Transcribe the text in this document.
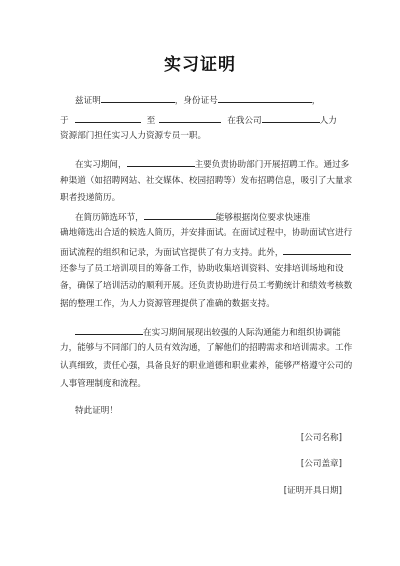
实习证明
兹证明	，身份证号	，
于	至	在我公司	人力
资源部门担任实习人力资源专员一职。
在实习期间，	主要负责协助部门开展招聘工作。通过多
种渠道（如招聘网站、社交媒体、校园招聘等）发布招聘信息，吸引了大量求
职者投递简历。
在简历筛选环节，	能够根据岗位要求快速准
确地筛选出合适的候选人简历，并安排面试。在面试过程中，协助面试官进行
面试流程的组织和记录，为面试官提供了有力支持。此外，
还参与了员工培训项目的筹备工作，协助收集培训资料、安排培训场地和设
备，确保了培训活动的顺利开展。还负责协助进行员工考勤统计和绩效考核数
据的整理工作，为人力资源管理提供了准确的数据支持。
在实习期间展现出较强的人际沟通能力和组织协调能
力，能够与不同部门的人员有效沟通，了解他们的招聘需求和培训需求。工作
认真细致，责任心强，具备良好的职业道德和职业素养，能够严格遵守公司的
人事管理制度和流程。
特此证明！
[公司名称]
[公司盖章]
[证明开具日期]
